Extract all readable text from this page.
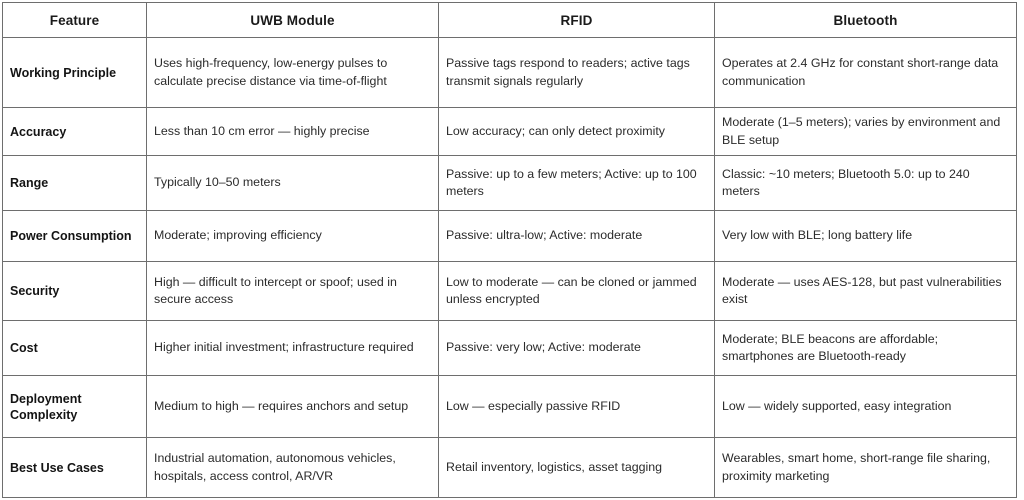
Feature	UWB Module	RFID	Bluetooth
Working Principle	Uses high-frequency, low-energy pulses to calculate precise distance via time-of-flight	Passive tags respond to readers; active tags transmit signals regularly	Operates at 2.4 GHz for constant short-range data communication
Accuracy	Less than 10 cm error — highly precise	Low accuracy; can only detect proximity	Moderate (1–5 meters); varies by environment and BLE setup
Range	Typically 10–50 meters	Passive: up to a few meters; Active: up to 100 meters	Classic: ~10 meters; Bluetooth 5.0: up to 240 meters
Power Consumption	Moderate; improving efficiency	Passive: ultra-low; Active: moderate	Very low with BLE; long battery life
Security	High — difficult to intercept or spoof; used in secure access	Low to moderate — can be cloned or jammed unless encrypted	Moderate — uses AES-128, but past vulnerabilities exist
Cost	Higher initial investment; infrastructure required	Passive: very low; Active: moderate	Moderate; BLE beacons are affordable; smartphones are Bluetooth-ready
Deployment Complexity	Medium to high — requires anchors and setup	Low — especially passive RFID	Low — widely supported, easy integration
Best Use Cases	Industrial automation, autonomous vehicles, hospitals, access control, AR/VR	Retail inventory, logistics, asset tagging	Wearables, smart home, short-range file sharing, proximity marketing
